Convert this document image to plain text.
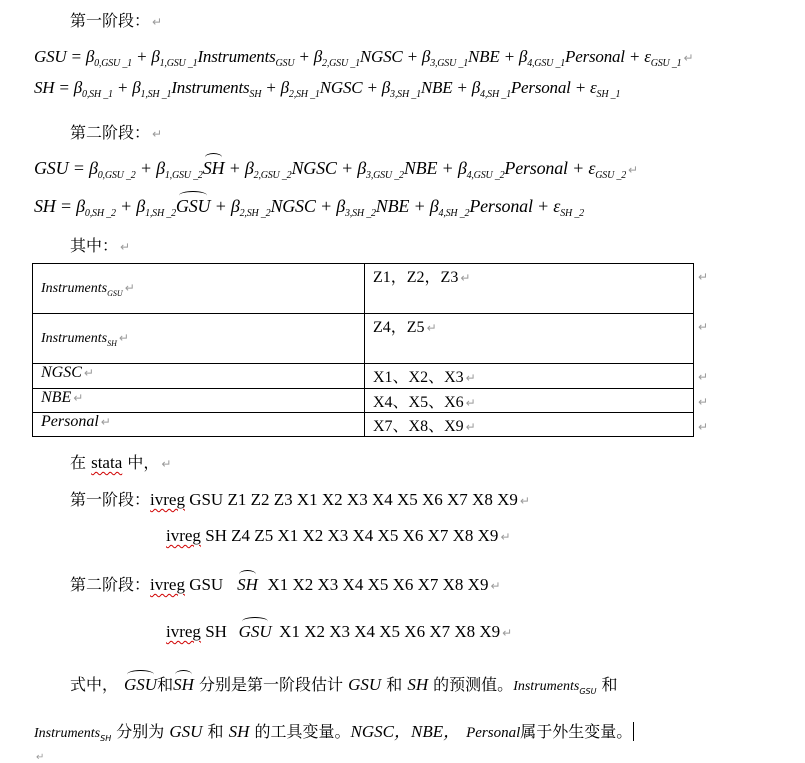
第一阶段： ↵
GSU = $\beta_{0,GSU \_1}$ + $\beta_{1,GSU \_1}Instruments_{GSU}$ + $\beta_{2,GSU \_1}NGSC + \beta_{3,GSU \_1}NBE$ + $\beta_{4,GSU \_1}Personal + \varepsilon_{GSU \_1}$ ↵
SH = $\beta_{0,SH \_1}$ + $\beta_{1,SH \_1}Instruments_{SH}$ + $\beta_{2,SH \_1}NGSC + \beta_{3,SH \_1}NBE$ + $\beta_{4,SH \_1}Personal + \varepsilon_{SH \_1}$
第二阶段： ↵
GSU = $\beta_{0,GSU \_2} + \beta_{1,GSU \_2}SH$ + $\beta_{2,GSU \_2}NGSC + \beta_{3,GSU \_2}NBE$ + $\beta_{4,GSU \_2}Personal + \varepsilon_{GSU \_2}$ ↵
SH = $\beta_{0,SH \_2} + \beta_{1,SH \_2}GSU$ + $\beta_{2,SH \_2}NGSC + \beta_{3,SH \_2}NBE$ + $\beta_{4,SH \_2}Personal + \varepsilon_{SH \_2}$
其中： ↵
Instruments$_{GSU}$ ↵	Z1，Z2，Z3 ↵
Instruments$_{SH}$ ↵	Z4，Z5 ↵
NGSC ↵	X1、X2、X3 ↵
NBE ↵	X4、X5、X6 ↵
Personal ↵	X7、X8、X9 ↵
↵
↵
↵
↵
↵
在 stata 中， ↵
第一阶段：ivreg GSU Z1 Z2 Z3 X1 X2 X3 X4 X5 X6 X7 X8 X9 ↵
ivreg SH Z4 Z5 X1 X2 X3 X4 X5 X6 X7 X8 X9 ↵
第二阶段：ivreg GSU SH X1 X2 X3 X4 X5 X6 X7 X8 X9 ↵
ivreg SH GSU X1 X2 X3 X4 X5 X6 X7 X8 X9 ↵
式中， GSU和SH 分别是第一阶段估计 GSU 和 SH 的预测值。Instruments$_{GSU}$ 和
Instruments$_{SH}$ 分别为 GSU 和 SH 的工具变量。NGSC，NBE， Personal属于外生变量。
↵
